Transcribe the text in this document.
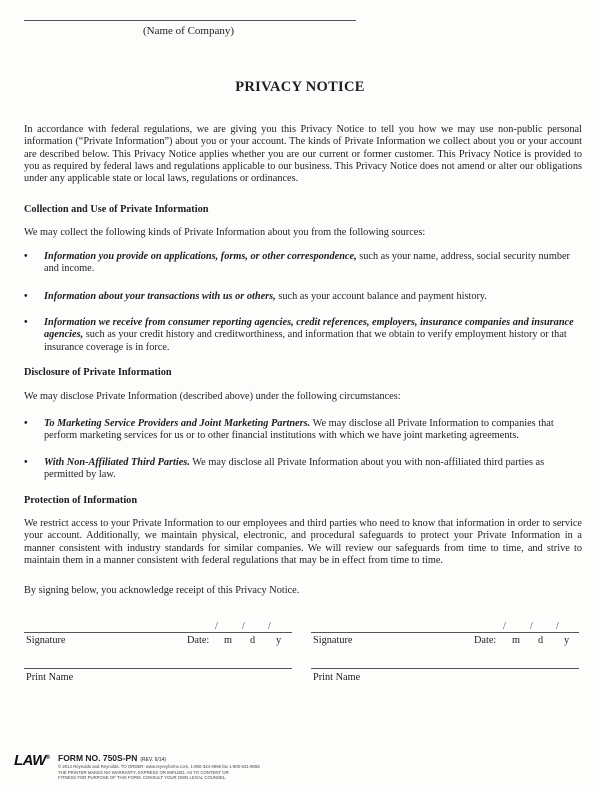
(Name of Company)
PRIVACY NOTICE
In accordance with federal regulations, we are giving you this Privacy Notice to tell you how we may use non-public personal information (“Private Information”) about you or your account. The kinds of Private Information we collect about you or your account are described below. This Privacy Notice applies whether you are our current or former customer. This Privacy Notice is provided to you as required by federal laws and regulations applicable to our business. This Privacy Notice does not amend or alter our obligations under any applicable state or local laws, regulations or ordinances.
Collection and Use of Private Information
We may collect the following kinds of Private Information about you from the following sources:
• Information you provide on applications, forms, or other correspondence, such as your name, address, social security number and income.
• Information about your transactions with us or others, such as your account balance and payment history.
• Information we receive from consumer reporting agencies, credit references, employers, insurance companies and insurance agencies, such as your credit history and creditworthiness, and information that we obtain to verify employment history or that insurance coverage is in force.
Disclosure of Private Information
We may disclose Private Information (described above) under the following circumstances:
• To Marketing Service Providers and Joint Marketing Partners. We may disclose all Private Information to companies that perform marketing services for us or to other financial institutions with which we have joint marketing agreements.
• With Non-Affiliated Third Parties. We may disclose all Private Information about you with non-affiliated third parties as permitted by law.
Protection of Information
We restrict access to your Private Information to our employees and third parties who need to know that information in order to service your account. Additionally, we maintain physical, electronic, and procedural safeguards to protect your Private Information in a manner consistent with industry standards for similar companies. We will review our safeguards from time to time, and strive to maintain them in a manner consistent with federal regulations that may be in effect from time to time.
By signing below, you acknowledge receipt of this Privacy Notice.
/ / /
Signature	Date: m d y
Print Name
/ / /
Signature	Date: m d y
Print Name
LAW® FORM NO. 750S-PN (REV. 6/14)
© 2014 Reynolds and Reynolds. TO ORDER: www.reyreyforms.com, 1-800-344-0996 fax 1-800-531-9055
THE PRINTER MAKES NO WARRANTY, EXPRESS OR IMPLIED, AS TO CONTENT OR
FITNESS FOR PURPOSE OF THIS FORM. CONSULT YOUR OWN LEGAL COUNSEL.
